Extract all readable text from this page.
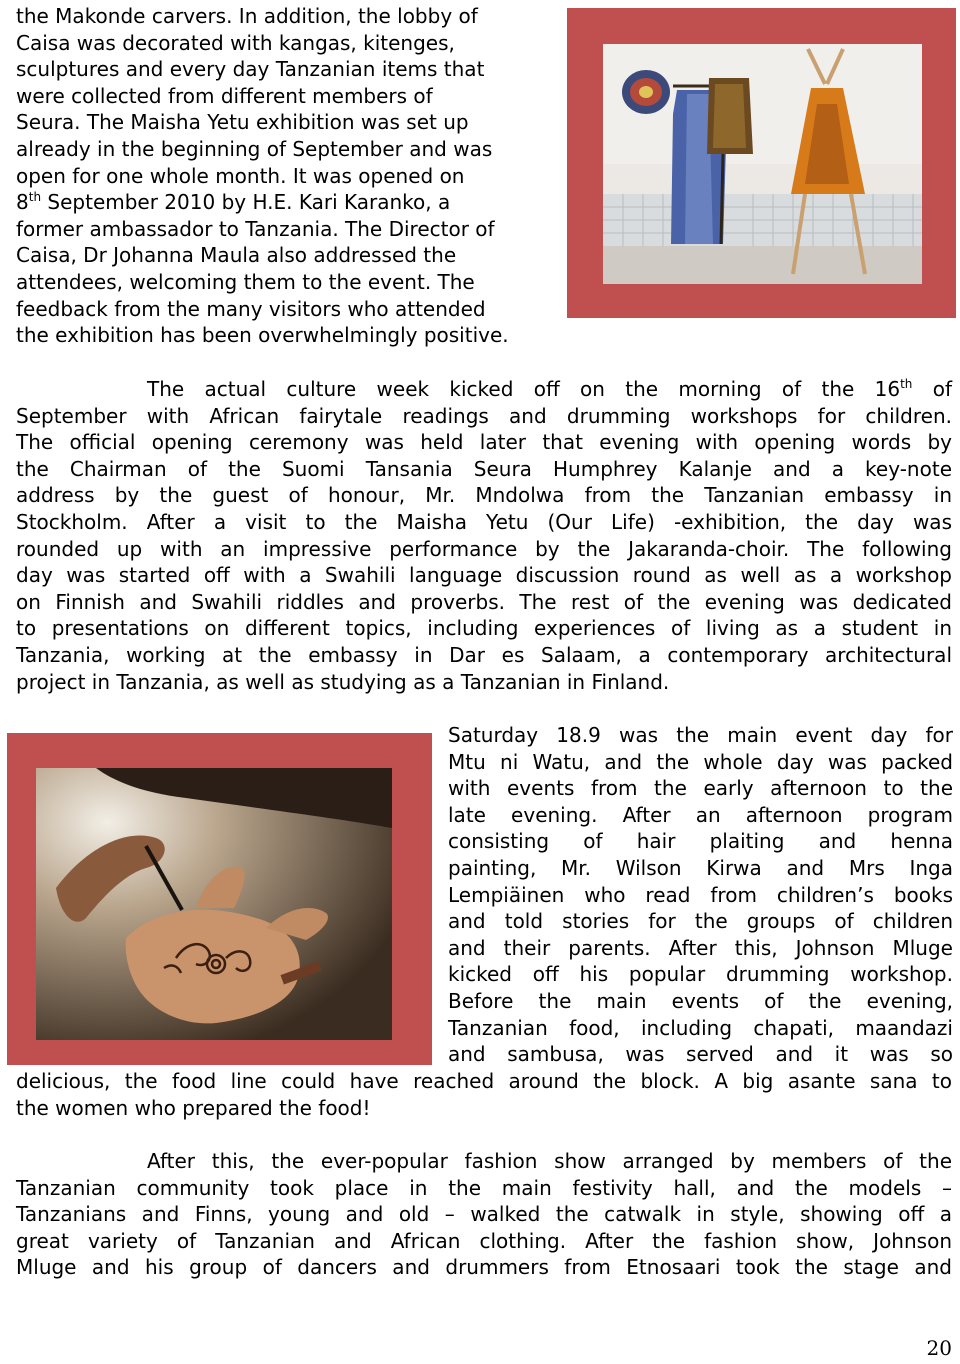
the Makonde carvers. In addition, the lobby of
Caisa was decorated with kangas, kitenges,
sculptures and every day Tanzanian items that
were collected from different members of
Seura. The Maisha Yetu exhibition was set up
already in the beginning of September and was
open for one whole month. It was opened on
8th September 2010 by H.E. Kari Karanko, a
former ambassador to Tanzania. The Director of
Caisa, Dr Johanna Maula also addressed the
attendees, welcoming them to the event. The
feedback from the many visitors who attended
the exhibition has been overwhelmingly positive.
The actual culture week kicked off on the morning of the 16th of
September with African fairytale readings and drumming workshops for children.
The official opening ceremony was held later that evening with opening words by
the Chairman of the Suomi Tansania Seura Humphrey Kalanje and a key-note
address by the guest of honour, Mr. Mndolwa from the Tanzanian embassy in
Stockholm. After a visit to the Maisha Yetu (Our Life) -exhibition, the day was
rounded up with an impressive performance by the Jakaranda-choir. The following
day was started off with a Swahili language discussion round as well as a workshop
on Finnish and Swahili riddles and proverbs. The rest of the evening was dedicated
to presentations on different topics, including experiences of living as a student in
Tanzania, working at the embassy in Dar es Salaam, a contemporary architectural
project in Tanzania, as well as studying as a Tanzanian in Finland.
Saturday 18.9 was the main event day for
Mtu ni Watu, and the whole day was packed
with events from the early afternoon to the
late evening. After an afternoon program
consisting of hair plaiting and henna
painting, Mr. Wilson Kirwa and Mrs Inga
Lempiäinen who read from children’s books
and told stories for the groups of children
and their parents. After this, Johnson Mluge
kicked off his popular drumming workshop.
Before the main events of the evening,
Tanzanian food, including chapati, maandazi
and sambusa, was served and it was so
delicious, the food line could have reached around the block. A big asante sana to
the women who prepared the food!
After this, the ever-popular fashion show arranged by members of the
Tanzanian community took place in the main festivity hall, and the models –
Tanzanians and Finns, young and old – walked the catwalk in style, showing off a
great variety of Tanzanian and African clothing. After the fashion show, Johnson
Mluge and his group of dancers and drummers from Etnosaari took the stage and
20
